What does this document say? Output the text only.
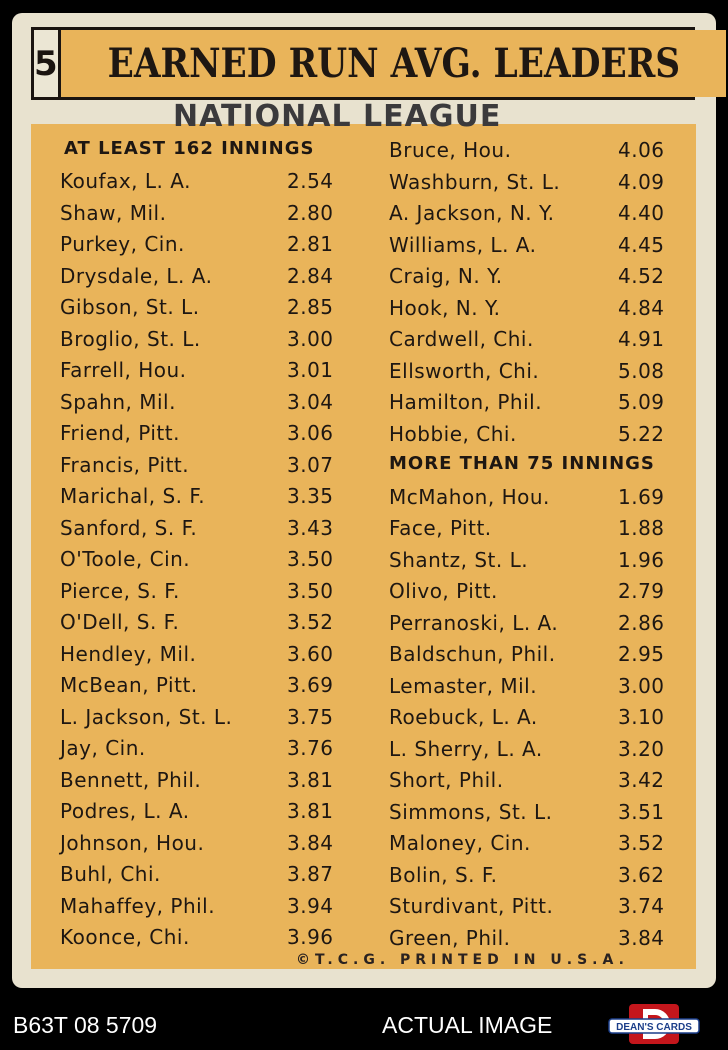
5 EARNED RUN AVG. LEADERS
NATIONAL LEAGUE
AT LEAST 162 INNINGS
Koufax, L. A.	2.54
Shaw, Mil.	2.80
Purkey, Cin.	2.81
Drysdale, L. A.	2.84
Gibson, St. L.	2.85
Broglio, St. L.	3.00
Farrell, Hou.	3.01
Spahn, Mil.	3.04
Friend, Pitt.	3.06
Francis, Pitt.	3.07
Marichal, S. F.	3.35
Sanford, S. F.	3.43
O'Toole, Cin.	3.50
Pierce, S. F.	3.50
O'Dell, S. F.	3.52
Hendley, Mil.	3.60
McBean, Pitt.	3.69
L. Jackson, St. L.	3.75
Jay, Cin.	3.76
Bennett, Phil.	3.81
Podres, L. A.	3.81
Johnson, Hou.	3.84
Buhl, Chi.	3.87
Mahaffey, Phil.	3.94
Koonce, Chi.	3.96
Bruce, Hou.	4.06
Washburn, St. L.	4.09
A. Jackson, N. Y.	4.40
Williams, L. A.	4.45
Craig, N. Y.	4.52
Hook, N. Y.	4.84
Cardwell, Chi.	4.91
Ellsworth, Chi.	5.08
Hamilton, Phil.	5.09
Hobbie, Chi.	5.22
MORE THAN 75 INNINGS
McMahon, Hou.	1.69
Face, Pitt.	1.88
Shantz, St. L.	1.96
Olivo, Pitt.	2.79
Perranoski, L. A.	2.86
Baldschun, Phil.	2.95
Lemaster, Mil.	3.00
Roebuck, L. A.	3.10
L. Sherry, L. A.	3.20
Short, Phil.	3.42
Simmons, St. L.	3.51
Maloney, Cin.	3.52
Bolin, S. F.	3.62
Sturdivant, Pitt.	3.74
Green, Phil.	3.84
©T.C.G. PRINTED IN U.S.A.
B63T 08 5709	ACTUAL IMAGE	DEAN'S CARDS
